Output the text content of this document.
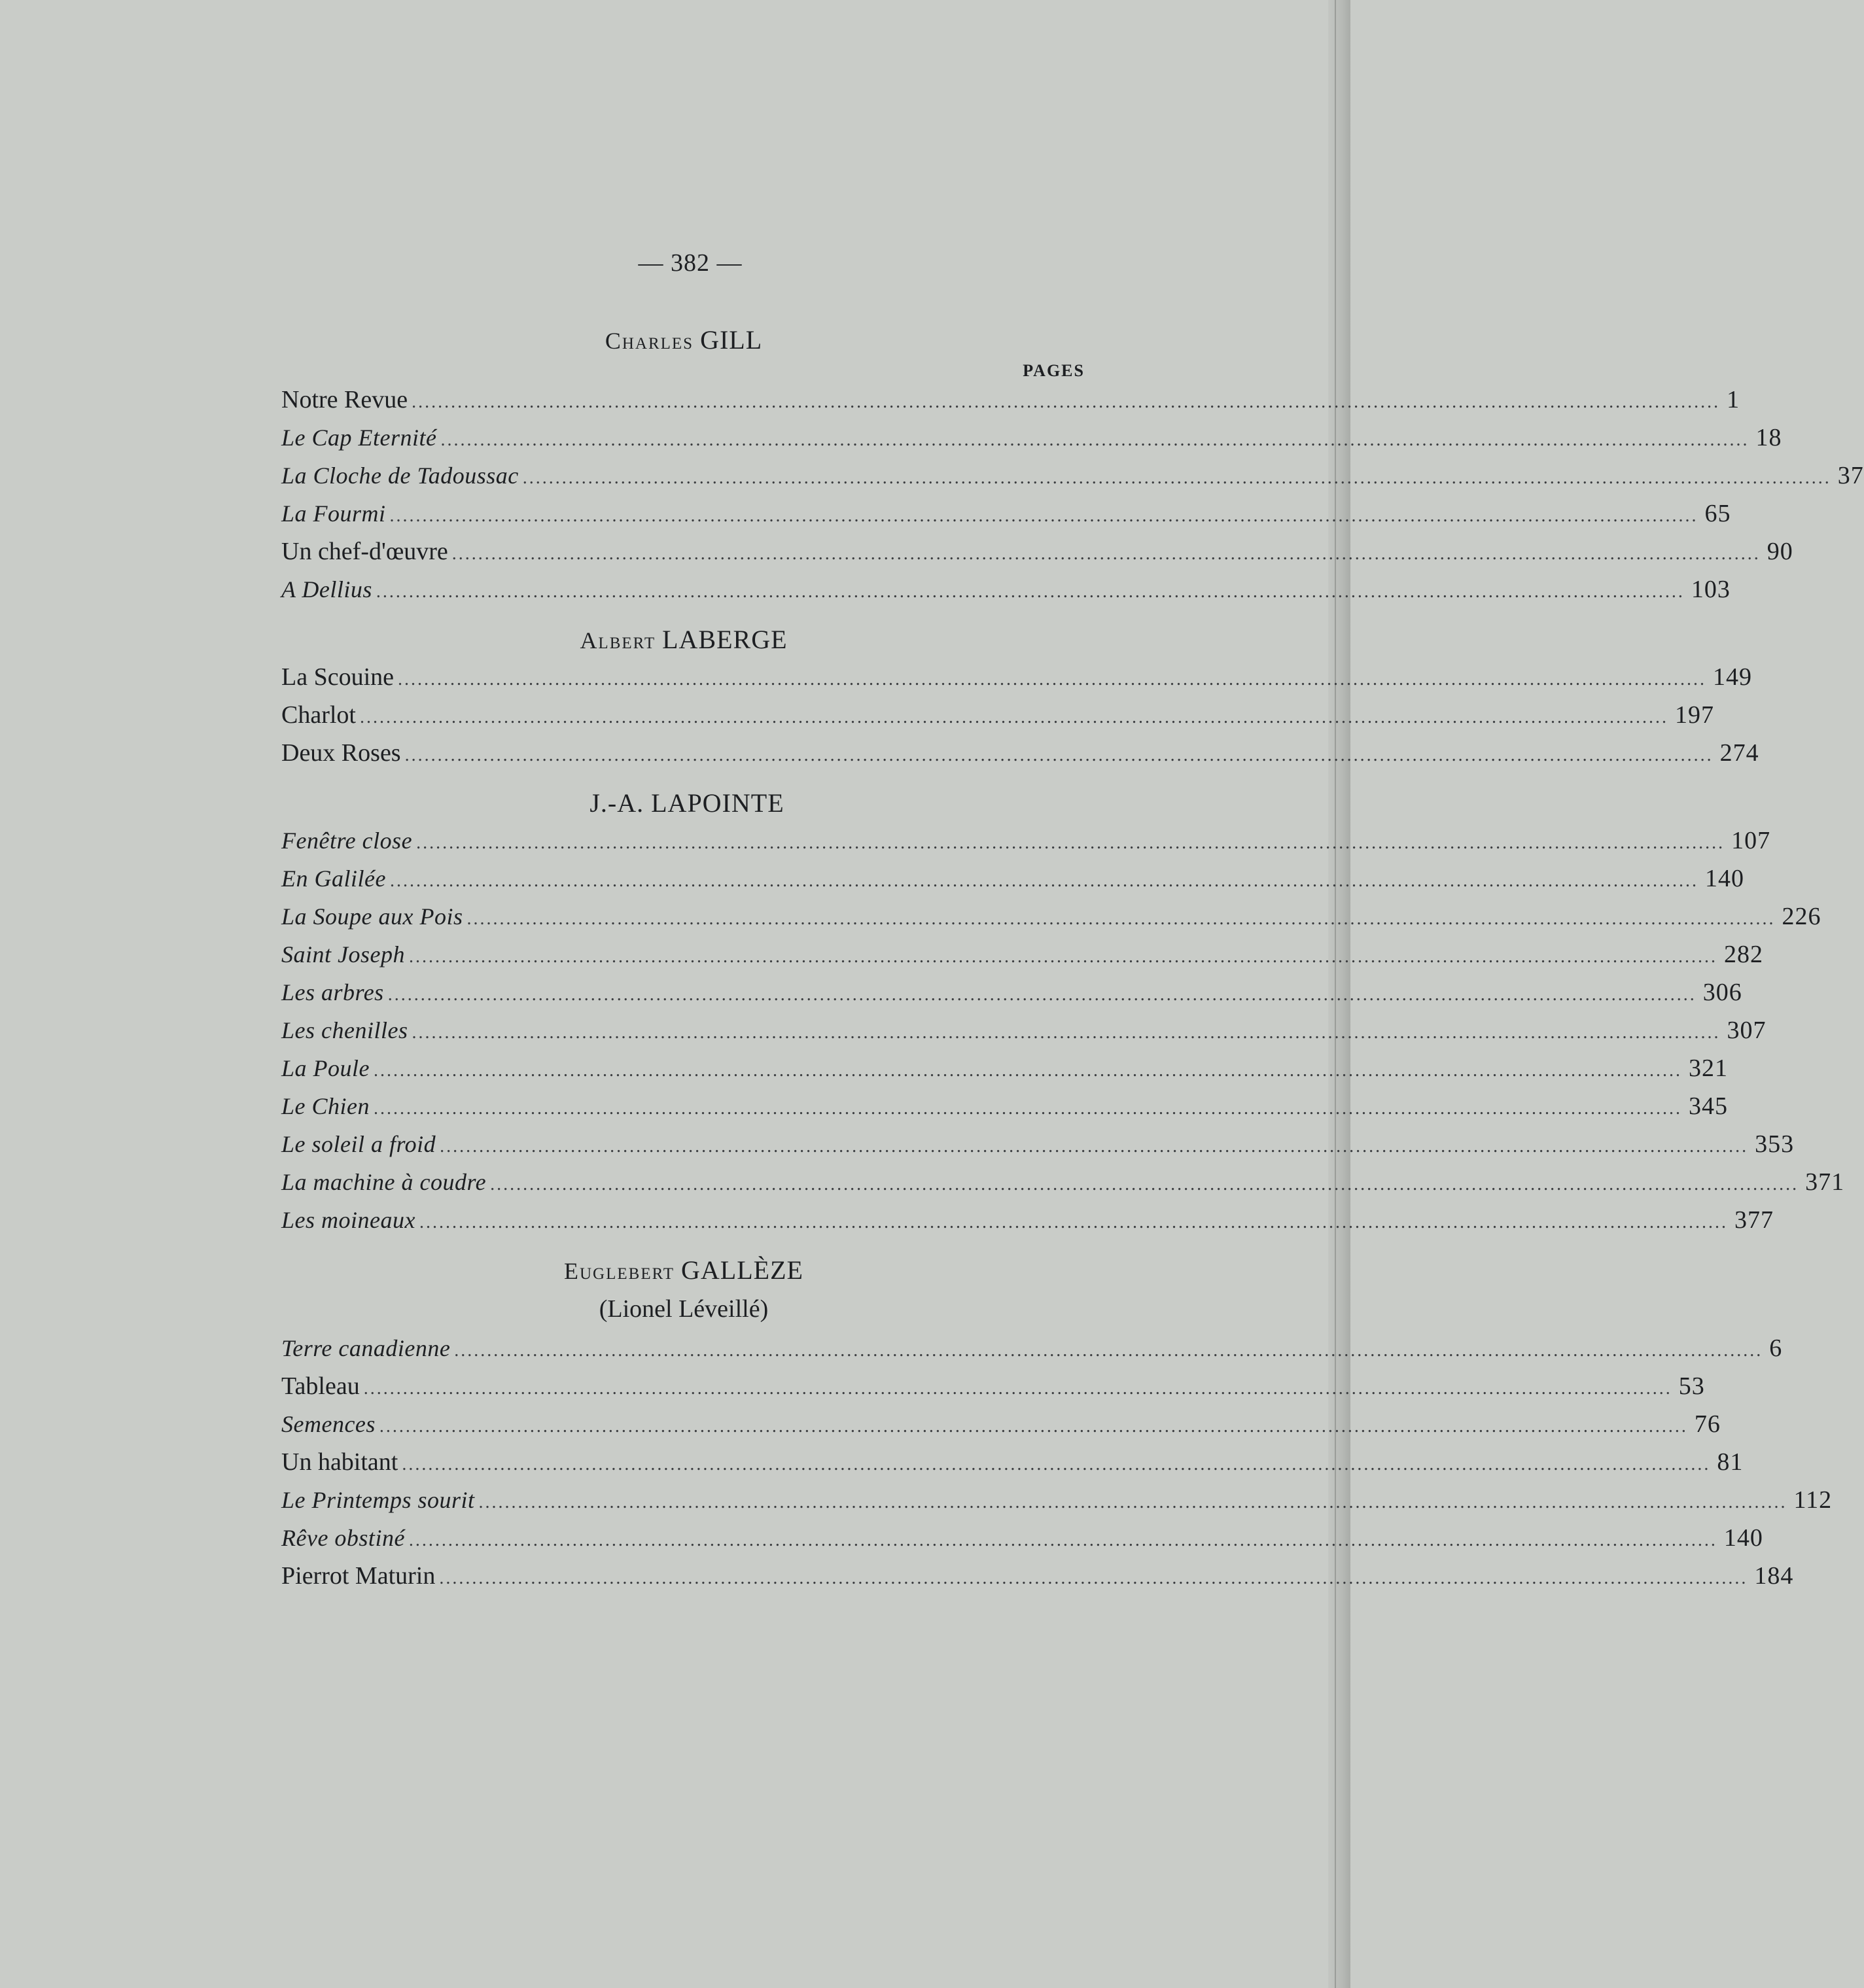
— 382 —
Charles GILL
PAGES
Notre Revue ........................................................................................................................................................................................................ 1
Le Cap Eternité ........................................................................................................................................................................................................ 18
La Cloche de Tadoussac ........................................................................................................................................................................................................ 37
La Fourmi ........................................................................................................................................................................................................ 65
Un chef-d'œuvre ........................................................................................................................................................................................................ 90
A Dellius ........................................................................................................................................................................................................ 103
Albert LABERGE
La Scouine ........................................................................................................................................................................................................ 149
Charlot ........................................................................................................................................................................................................ 197
Deux Roses ........................................................................................................................................................................................................ 274
J.-A. LAPOINTE
Fenêtre close ........................................................................................................................................................................................................ 107
En Galilée ........................................................................................................................................................................................................ 140
La Soupe aux Pois ........................................................................................................................................................................................................ 226
Saint Joseph ........................................................................................................................................................................................................ 282
Les arbres ........................................................................................................................................................................................................ 306
Les chenilles ........................................................................................................................................................................................................ 307
La Poule ........................................................................................................................................................................................................ 321
Le Chien ........................................................................................................................................................................................................ 345
Le soleil a froid ........................................................................................................................................................................................................ 353
La machine à coudre ........................................................................................................................................................................................................ 371
Les moineaux ........................................................................................................................................................................................................ 377
Euglebert GALLÈZE
(Lionel Léveillé)
Terre canadienne ........................................................................................................................................................................................................ 6
Tableau ........................................................................................................................................................................................................ 53
Semences ........................................................................................................................................................................................................ 76
Un habitant ........................................................................................................................................................................................................ 81
Le Printemps sourit ........................................................................................................................................................................................................ 112
Rêve obstiné ........................................................................................................................................................................................................ 140
Pierrot Maturin ........................................................................................................................................................................................................ 184
